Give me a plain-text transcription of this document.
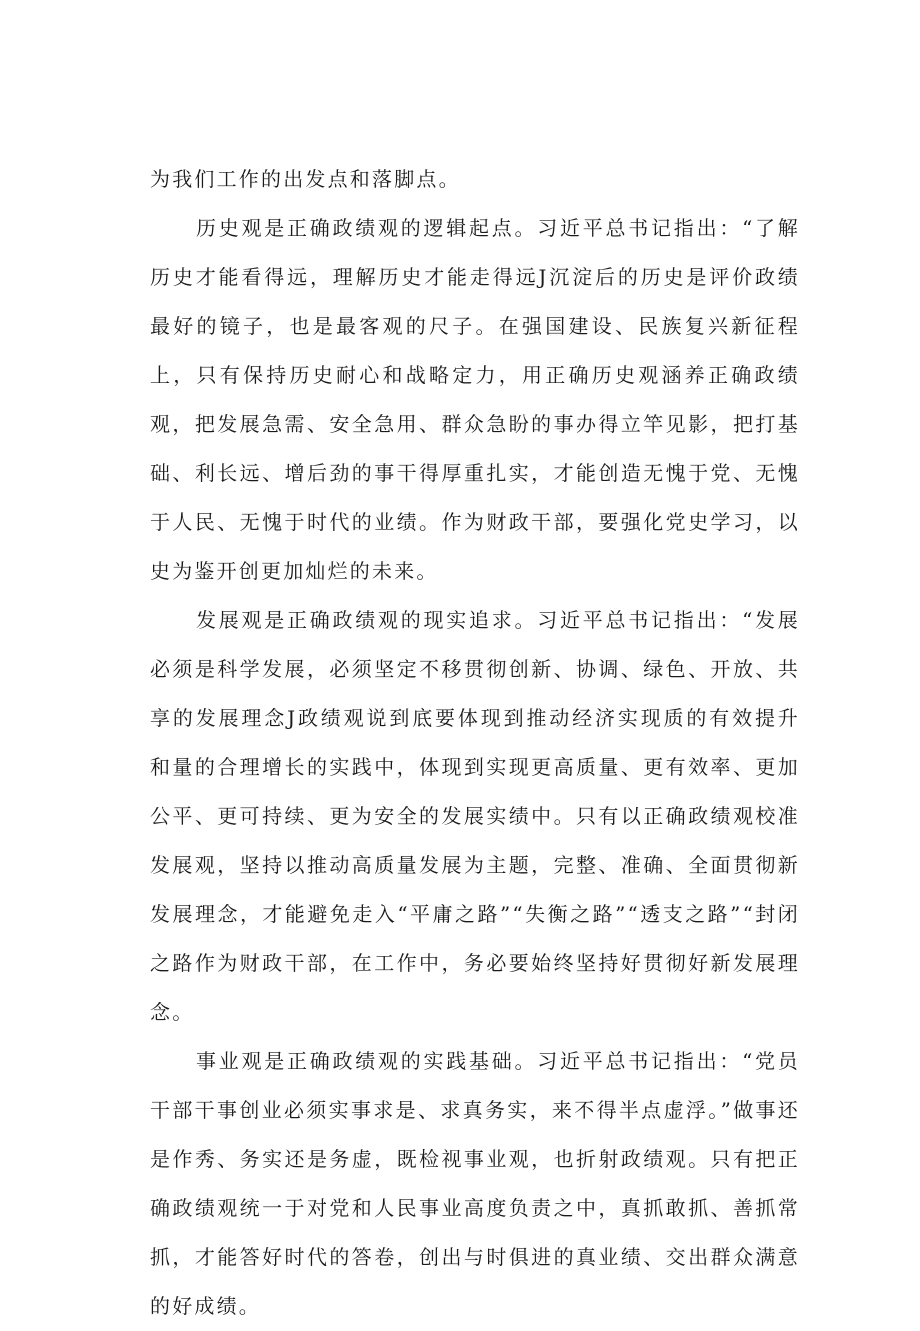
为我们工作的出发点和落脚点。

历史观是正确政绩观的逻辑起点。习近平总书记指出：“了解历史才能看得远，理解历史才能走得远J沉淀后的历史是评价政绩最好的镜子，也是最客观的尺子。在强国建设、民族复兴新征程上，只有保持历史耐心和战略定力，用正确历史观涵养正确政绩观，把发展急需、安全急用、群众急盼的事办得立竿见影，把打基础、利长远、增后劲的事干得厚重扎实，才能创造无愧于党、无愧于人民、无愧于时代的业绩。作为财政干部，要强化党史学习，以史为鉴开创更加灿烂的未来。

发展观是正确政绩观的现实追求。习近平总书记指出：“发展必须是科学发展，必须坚定不移贯彻创新、协调、绿色、开放、共享的发展理念J政绩观说到底要体现到推动经济实现质的有效提升和量的合理增长的实践中，体现到实现更高质量、更有效率、更加公平、更可持续、更为安全的发展实绩中。只有以正确政绩观校准发展观，坚持以推动高质量发展为主题，完整、准确、全面贯彻新发展理念，才能避免走入“平庸之路”“失衡之路”“透支之路”“封闭之路作为财政干部，在工作中，务必要始终坚持好贯彻好新发展理念。

事业观是正确政绩观的实践基础。习近平总书记指出：“党员干部干事创业必须实事求是、求真务实，来不得半点虚浮。”做事还是作秀、务实还是务虚，既检视事业观，也折射政绩观。只有把正确政绩观统一于对党和人民事业高度负责之中，真抓敢抓、善抓常抓，才能答好时代的答卷，创出与时俱进的真业绩、交出群众满意的好成绩。
